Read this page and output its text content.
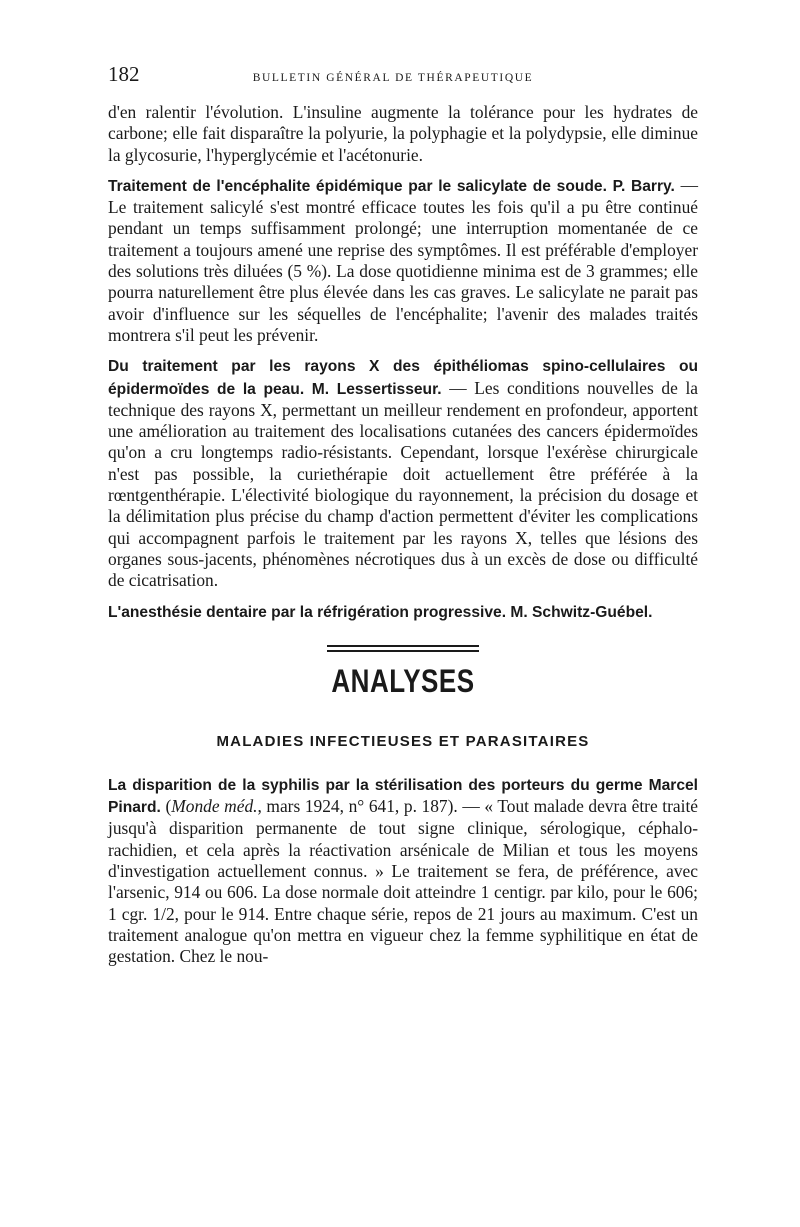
182	BULLETIN GÉNÉRAL DE THÉRAPEUTIQUE

d'en ralentir l'évolution. L'insuline augmente la tolérance pour les hydrates de carbone; elle fait disparaître la polyurie, la polyphagie et la polydypsie, elle diminue la glycosurie, l'hyperglycémie et l'acétonurie.

Traitement de l'encéphalite épidémique par le salicylate de soude. P. Barry. — Le traitement salicylé s'est montré efficace toutes les fois qu'il a pu être continué pendant un temps suffisamment prolongé; une interruption momentanée de ce traitement a toujours amené une reprise des symptômes. Il est préférable d'employer des solutions très diluées (5 %). La dose quotidienne minima est de 3 grammes; elle pourra naturellement être plus élevée dans les cas graves. Le salicylate ne parait pas avoir d'influence sur les séquelles de l'encéphalite; l'avenir des malades traités montrera s'il peut les prévenir.

Du traitement par les rayons X des épithéliomas spino-cellulaires ou épidermoïdes de la peau. M. Lessertisseur. — Les conditions nouvelles de la technique des rayons X, permettant un meilleur rendement en profondeur, apportent une amélioration au traitement des localisations cutanées des cancers épidermoïdes qu'on a cru longtemps radio-résistants. Cependant, lorsque l'exérèse chirurgicale n'est pas possible, la curiethérapie doit actuellement être préférée à la rœntgenthérapie. L'électivité biologique du rayonnement, la précision du dosage et la délimitation plus précise du champ d'action permettent d'éviter les complications qui accompagnent parfois le traitement par les rayons X, telles que lésions des organes sous-jacents, phénomènes nécrotiques dus à un excès de dose ou difficulté de cicatrisation.

L'anesthésie dentaire par la réfrigération progressive. M. Schwitz-Guébel.

ANALYSES
MALADIES INFECTIEUSES ET PARASITAIRES

La disparition de la syphilis par la stérilisation des porteurs du germe Marcel Pinard. (Monde méd., mars 1924, n° 641, p. 187). — « Tout malade devra être traité jusqu'à disparition permanente de tout signe clinique, sérologique, céphalo-rachidien, et cela après la réactivation arsénicale de Milian et tous les moyens d'investigation actuellement connus. » Le traitement se fera, de préférence, avec l'arsenic, 914 ou 606. La dose normale doit atteindre 1 centigr. par kilo, pour le 606; 1 cgr. 1/2, pour le 914. Entre chaque série, repos de 21 jours au maximum. C'est un traitement analogue qu'on mettra en vigueur chez la femme syphilitique en état de gestation. Chez le nou-
